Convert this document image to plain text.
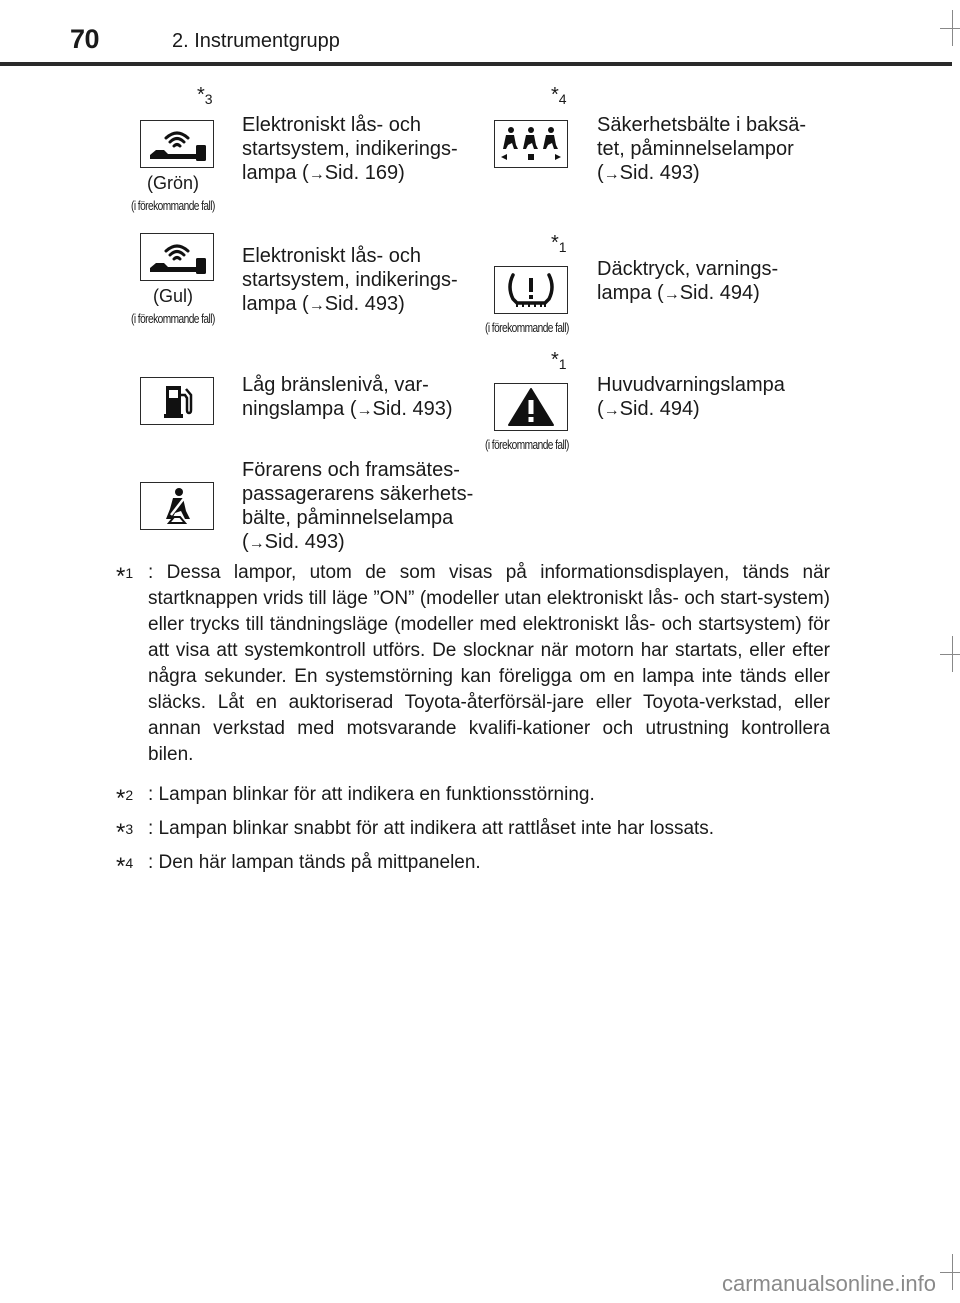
70	2. Instrumentgrupp
$*_3$
(Grön)
(i förekommande fall)
Elektroniskt lås- och
startsystem, indikerings-
lampa (→Sid. 169)
$*_4$
Säkerhetsbälte i baksä-
tet, påminnelselampor
(→Sid. 493)
(Gul)
(i förekommande fall)
Elektroniskt lås- och
startsystem, indikerings-
lampa (→Sid. 493)
$*_1$
(i förekommande fall)
Däcktryck, varnings-
lampa (→Sid. 494)
Låg bränslenivå, var-
ningslampa (→Sid. 493)
$*_1$
(i förekommande fall)
Huvudvarningslampa
(→Sid. 494)
Förarens och framsätes-
passagerarens säkerhets-
bälte, påminnelselampa
(→Sid. 493)
*$^1$ : Dessa lampor, utom de som visas på informationsdisplayen, tänds när startknappen vrids till läge ”ON” (modeller utan elektroniskt lås- och start-system) eller trycks till tändningsläge (modeller med elektroniskt lås- och startsystem) för att visa att systemkontroll utförs. De slocknar när motorn har startats, eller efter några sekunder. En systemstörning kan föreligga om en lampa inte tänds eller släcks. Låt en auktoriserad Toyota-återförsäl-jare eller Toyota-verkstad, eller annan verkstad med motsvarande kvalifi-kationer och utrustning kontrollera bilen.
*$^2$ : Lampan blinkar för att indikera en funktionsstörning.
*$^3$ : Lampan blinkar snabbt för att indikera att rattlåset inte har lossats.
*$^4$ : Den här lampan tänds på mittpanelen.
carmanualsonline.info
